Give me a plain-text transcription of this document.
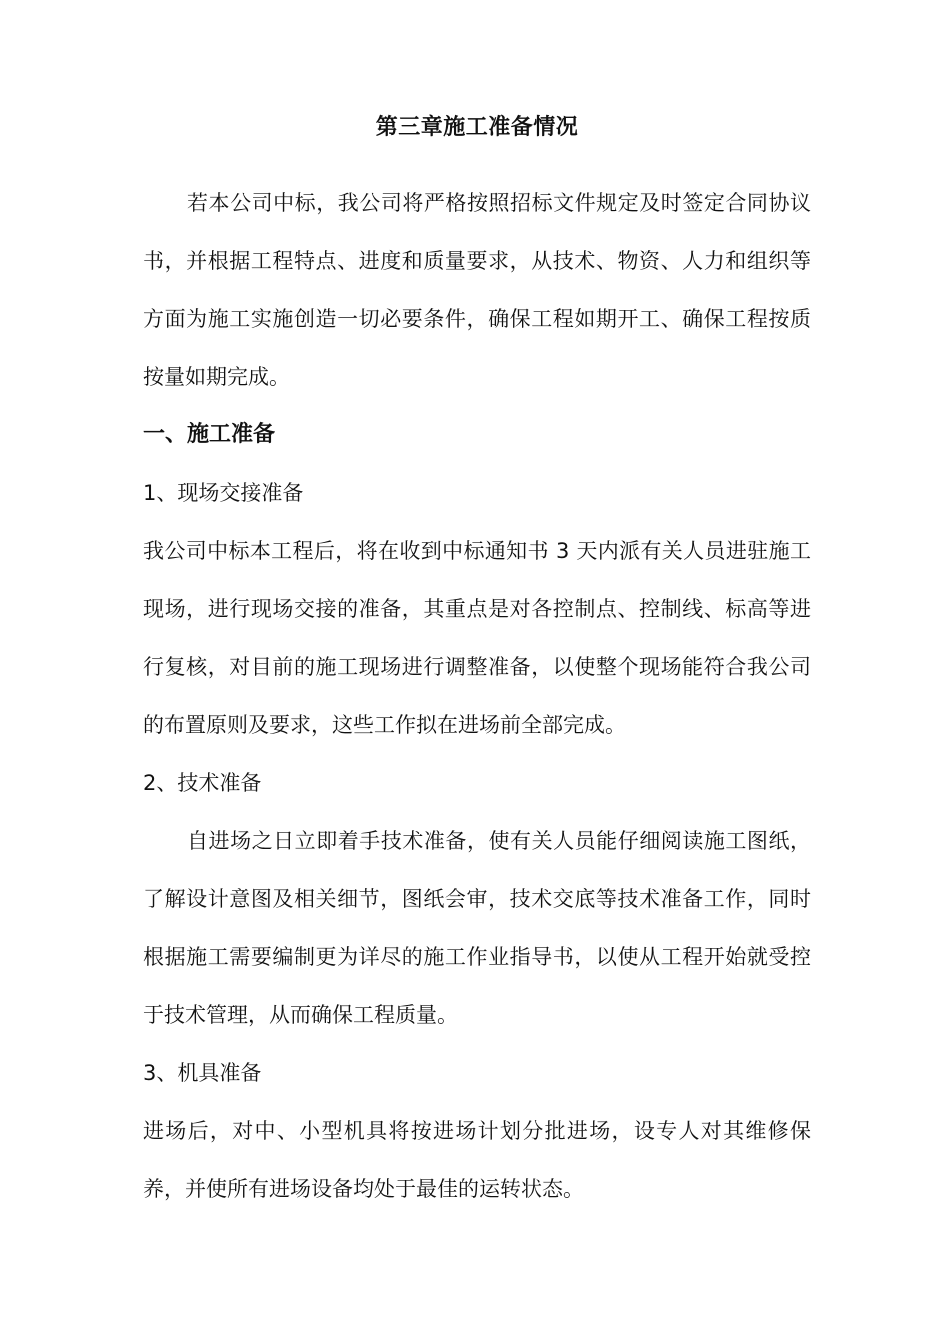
第三章施工准备情况

若本公司中标，我公司将严格按照招标文件规定及时签定合同协议书，并根据工程特点、进度和质量要求，从技术、物资、人力和组织等方面为施工实施创造一切必要条件，确保工程如期开工、确保工程按质按量如期完成。

一、施工准备
1、现场交接准备

我公司中标本工程后，将在收到中标通知书 3 天内派有关人员进驻施工现场，进行现场交接的准备，其重点是对各控制点、控制线、标高等进行复核，对目前的施工现场进行调整准备，以使整个现场能符合我公司的布置原则及要求，这些工作拟在进场前全部完成。

2、技术准备

自进场之日立即着手技术准备，使有关人员能仔细阅读施工图纸，了解设计意图及相关细节，图纸会审，技术交底等技术准备工作，同时根据施工需要编制更为详尽的施工作业指导书，以使从工程开始就受控于技术管理，从而确保工程质量。

3、机具准备

进场后，对中、小型机具将按进场计划分批进场，设专人对其维修保养，并使所有进场设备均处于最佳的运转状态。
